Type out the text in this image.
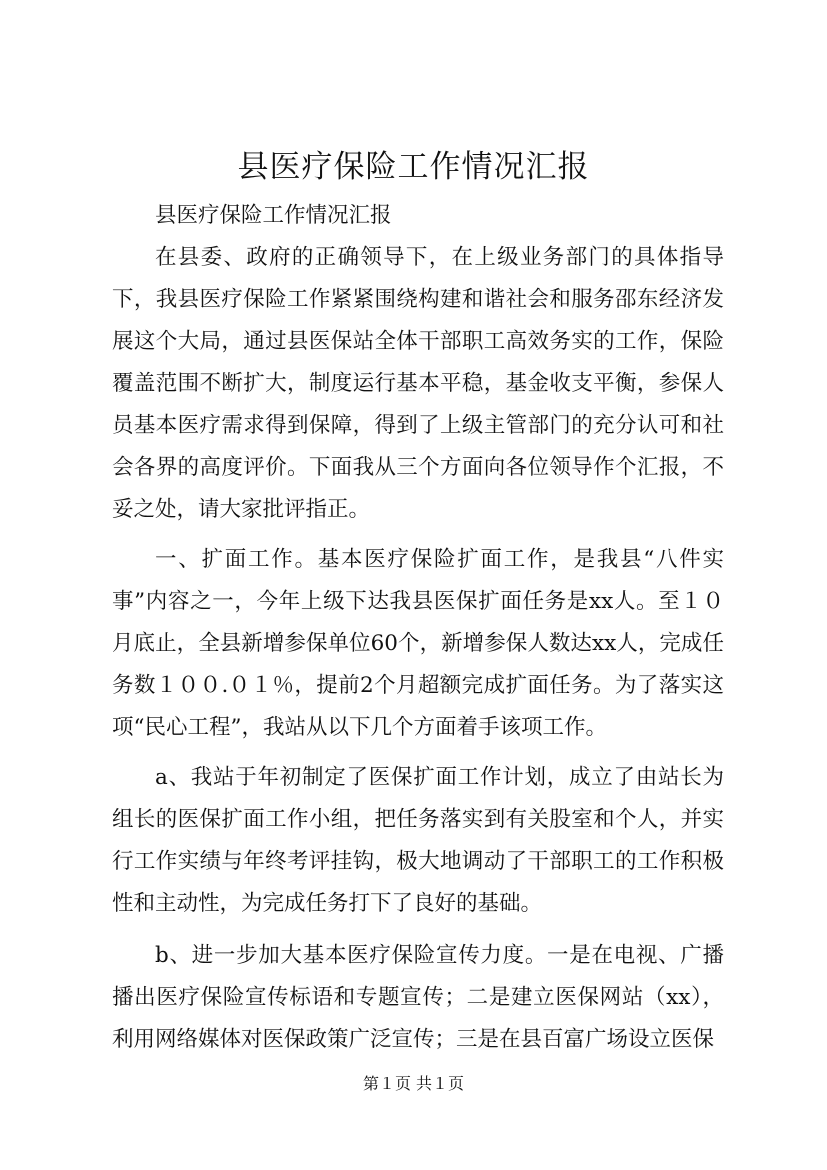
县医疗保险工作情况汇报

县医疗保险工作情况汇报

在县委、政府的正确领导下，在上级业务部门的具体指导下，我县医疗保险工作紧紧围绕构建和谐社会和服务邵东经济发展这个大局，通过县医保站全体干部职工高效务实的工作，保险覆盖范围不断扩大，制度运行基本平稳，基金收支平衡，参保人员基本医疗需求得到保障，得到了上级主管部门的充分认可和社会各界的高度评价。下面我从三个方面向各位领导作个汇报，不妥之处，请大家批评指正。

一、扩面工作。基本医疗保险扩面工作，是我县“八件实事”内容之一，今年上级下达我县医保扩面任务是xx人。至１０月底止，全县新增参保单位60个，新增参保人数达xx人，完成任务数１００.０１％，提前2个月超额完成扩面任务。为了落实这项“民心工程”，我站从以下几个方面着手该项工作。

a、我站于年初制定了医保扩面工作计划，成立了由站长为组长的医保扩面工作小组，把任务落实到有关股室和个人，并实行工作实绩与年终考评挂钩，极大地调动了干部职工的工作积极性和主动性，为完成任务打下了良好的基础。

b、进一步加大基本医疗保险宣传力度。一是在电视、广播播出医疗保险宣传标语和专题宣传；二是建立医保网站（xx），利用网络媒体对医保政策广泛宣传；三是在县百富广场设立医保

第１页 共１页
